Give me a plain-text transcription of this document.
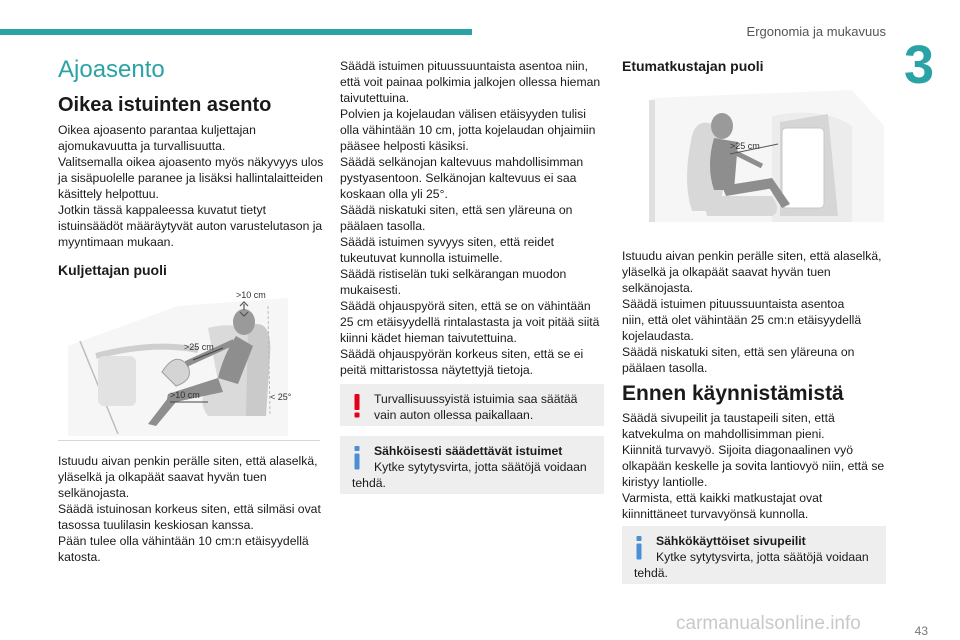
Ergonomia ja mukavuus
3
Ajoasento
Oikea istuinten asento
Oikea ajoasento parantaa kuljettajan
ajomukavuutta ja turvallisuutta.
Valitsemalla oikea ajoasento myös näkyvyys ulos
ja sisäpuolelle paranee ja lisäksi hallintalaitteiden
käsittely helpottuu.
Jotkin tässä kappaleessa kuvatut tietyt
istuinsäädöt määräytyvät auton varustelutason ja
myyntimaan mukaan.
Kuljettajan puoli
>10 cm
>25 cm
>10 cm	< 25°
Istuudu aivan penkin perälle siten, että alaselkä,
yläselkä ja olkapäät saavat hyvän tuen
selkänojasta.
Säädä istuinosan korkeus siten, että silmäsi ovat
tasossa tuulilasin keskiosan kanssa.
Pään tulee olla vähintään 10 cm:n etäisyydellä
katosta.
Säädä istuimen pituussuuntaista asentoa niin,
että voit painaa polkimia jalkojen ollessa hieman
taivutettuina.
Polvien ja kojelaudan välisen etäisyyden tulisi
olla vähintään 10 cm, jotta kojelaudan ohjaimiin
pääsee helposti käsiksi.
Säädä selkänojan kaltevuus mahdollisimman
pystyasentoon. Selkänojan kaltevuus ei saa
koskaan olla yli 25°.
Säädä niskatuki siten, että sen yläreuna on
päälaen tasolla.
Säädä istuimen syvyys siten, että reidet
tukeutuvat kunnolla istuimelle.
Säädä ristiselän tuki selkärangan muodon
mukaisesti.
Säädä ohjauspyörä siten, että se on vähintään
25 cm etäisyydellä rintalastasta ja voit pitää siitä
kiinni kädet hieman taivutettuina.
Säädä ohjauspyörän korkeus siten, että se ei
peitä mittaristossa näytettyjä tietoja.
Turvallisuussyistä istuimia saa säätää
vain auton ollessa paikallaan.
Sähköisesti säädettävät istuimet
Kytke sytytysvirta, jotta säätöjä voidaan
tehdä.
Etumatkustajan puoli
>25 cm
Istuudu aivan penkin perälle siten, että alaselkä,
yläselkä ja olkapäät saavat hyvän tuen
selkänojasta.
Säädä istuimen pituussuuntaista asentoa
niin, että olet vähintään 25 cm:n etäisyydellä
kojelaudasta.
Säädä niskatuki siten, että sen yläreuna on
päälaen tasolla.
Ennen käynnistämistä
Säädä sivupeilit ja taustapeili siten, että
katvekulma on mahdollisimman pieni.
Kiinnitä turvavyö. Sijoita diagonaalinen vyö
olkapään keskelle ja sovita lantiovyö niin, että se
kiristyy lantiolle.
Varmista, että kaikki matkustajat ovat
kiinnittäneet turvavyönsä kunnolla.
Sähkökäyttöiset sivupeilit
Kytke sytytysvirta, jotta säätöjä voidaan
tehdä.
carmanualsonline.info	43
